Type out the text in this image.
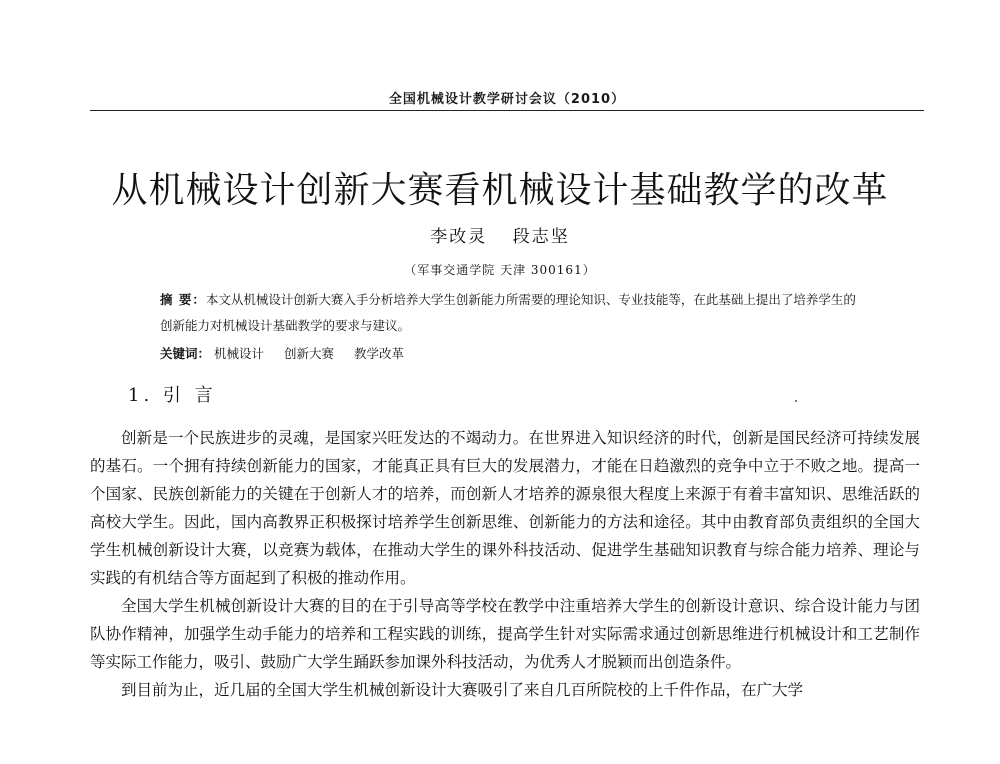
全国机械设计教学研讨会议（2010）
从机械设计创新大赛看机械设计基础教学的改革
李改灵 段志坚
（军事交通学院 天津 300161）
摘 要：本文从机械设计创新大赛入手分析培养大学生创新能力所需要的理论知识、专业技能等，在此基础上提出了培养学生的创新能力对机械设计基础教学的要求与建议。
关键词： 机械设计 创新大赛 教学改革
1. 引 言

创新是一个民族进步的灵魂，是国家兴旺发达的不竭动力。在世界进入知识经济的时代，创新是国民经济可持续发展的基石。一个拥有持续创新能力的国家，才能真正具有巨大的发展潜力，才能在日趋激烈的竞争中立于不败之地。提高一个国家、民族创新能力的关键在于创新人才的培养，而创新人才培养的源泉很大程度上来源于有着丰富知识、思维活跃的高校大学生。因此，国内高教界正积极探讨培养学生创新思维、创新能力的方法和途径。其中由教育部负责组织的全国大学生机械创新设计大赛，以竞赛为载体，在推动大学生的课外科技活动、促进学生基础知识教育与综合能力培养、理论与实践的有机结合等方面起到了积极的推动作用。

全国大学生机械创新设计大赛的目的在于引导高等学校在教学中注重培养大学生的创新设计意识、综合设计能力与团队协作精神，加强学生动手能力的培养和工程实践的训练，提高学生针对实际需求通过创新思维进行机械设计和工艺制作等实际工作能力，吸引、鼓励广大学生踊跃参加课外科技活动，为优秀人才脱颖而出创造条件。

到目前为止，近几届的全国大学生机械创新设计大赛吸引了来自几百所院校的上千件作品，在广大学
